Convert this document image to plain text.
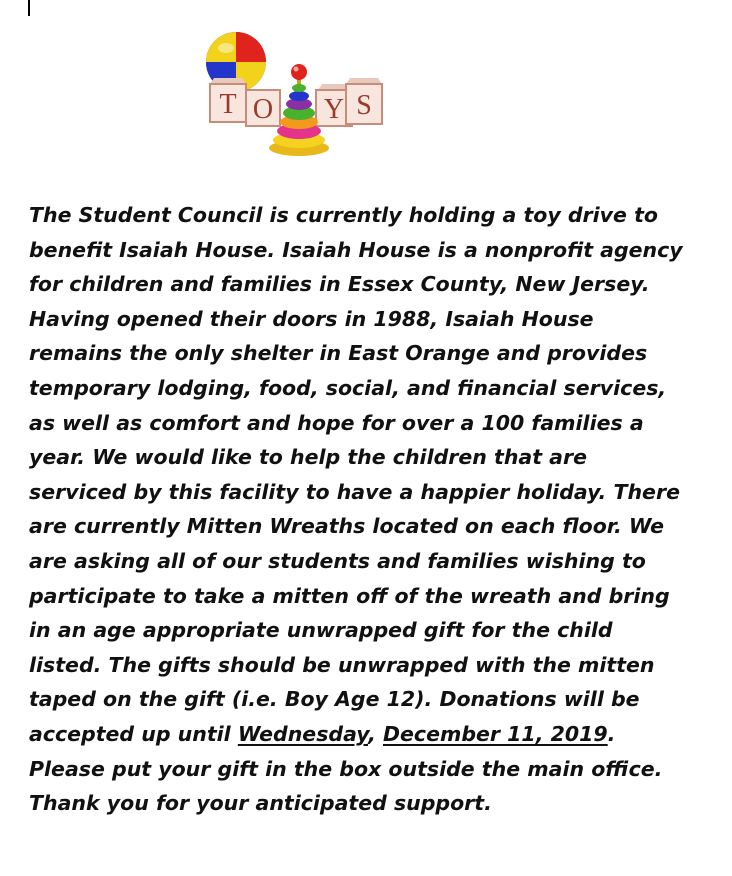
T O Y S
The Student Council is currently holding a toy drive to
benefit Isaiah House. Isaiah House is a nonprofit agency
for children and families in Essex County, New Jersey.
Having opened their doors in 1988, Isaiah House
remains the only shelter in East Orange and provides
temporary lodging, food, social, and financial services,
as well as comfort and hope for over a 100 families a
year. We would like to help the children that are
serviced by this facility to have a happier holiday. There
are currently Mitten Wreaths located on each floor. We
are asking all of our students and families wishing to
participate to take a mitten off of the wreath and bring
in an age appropriate unwrapped gift for the child
listed. The gifts should be unwrapped with the mitten
taped on the gift (i.e. Boy Age 12). Donations will be
accepted up until Wednesday, December 11, 2019.
Please put your gift in the box outside the main office.
Thank you for your anticipated support.
